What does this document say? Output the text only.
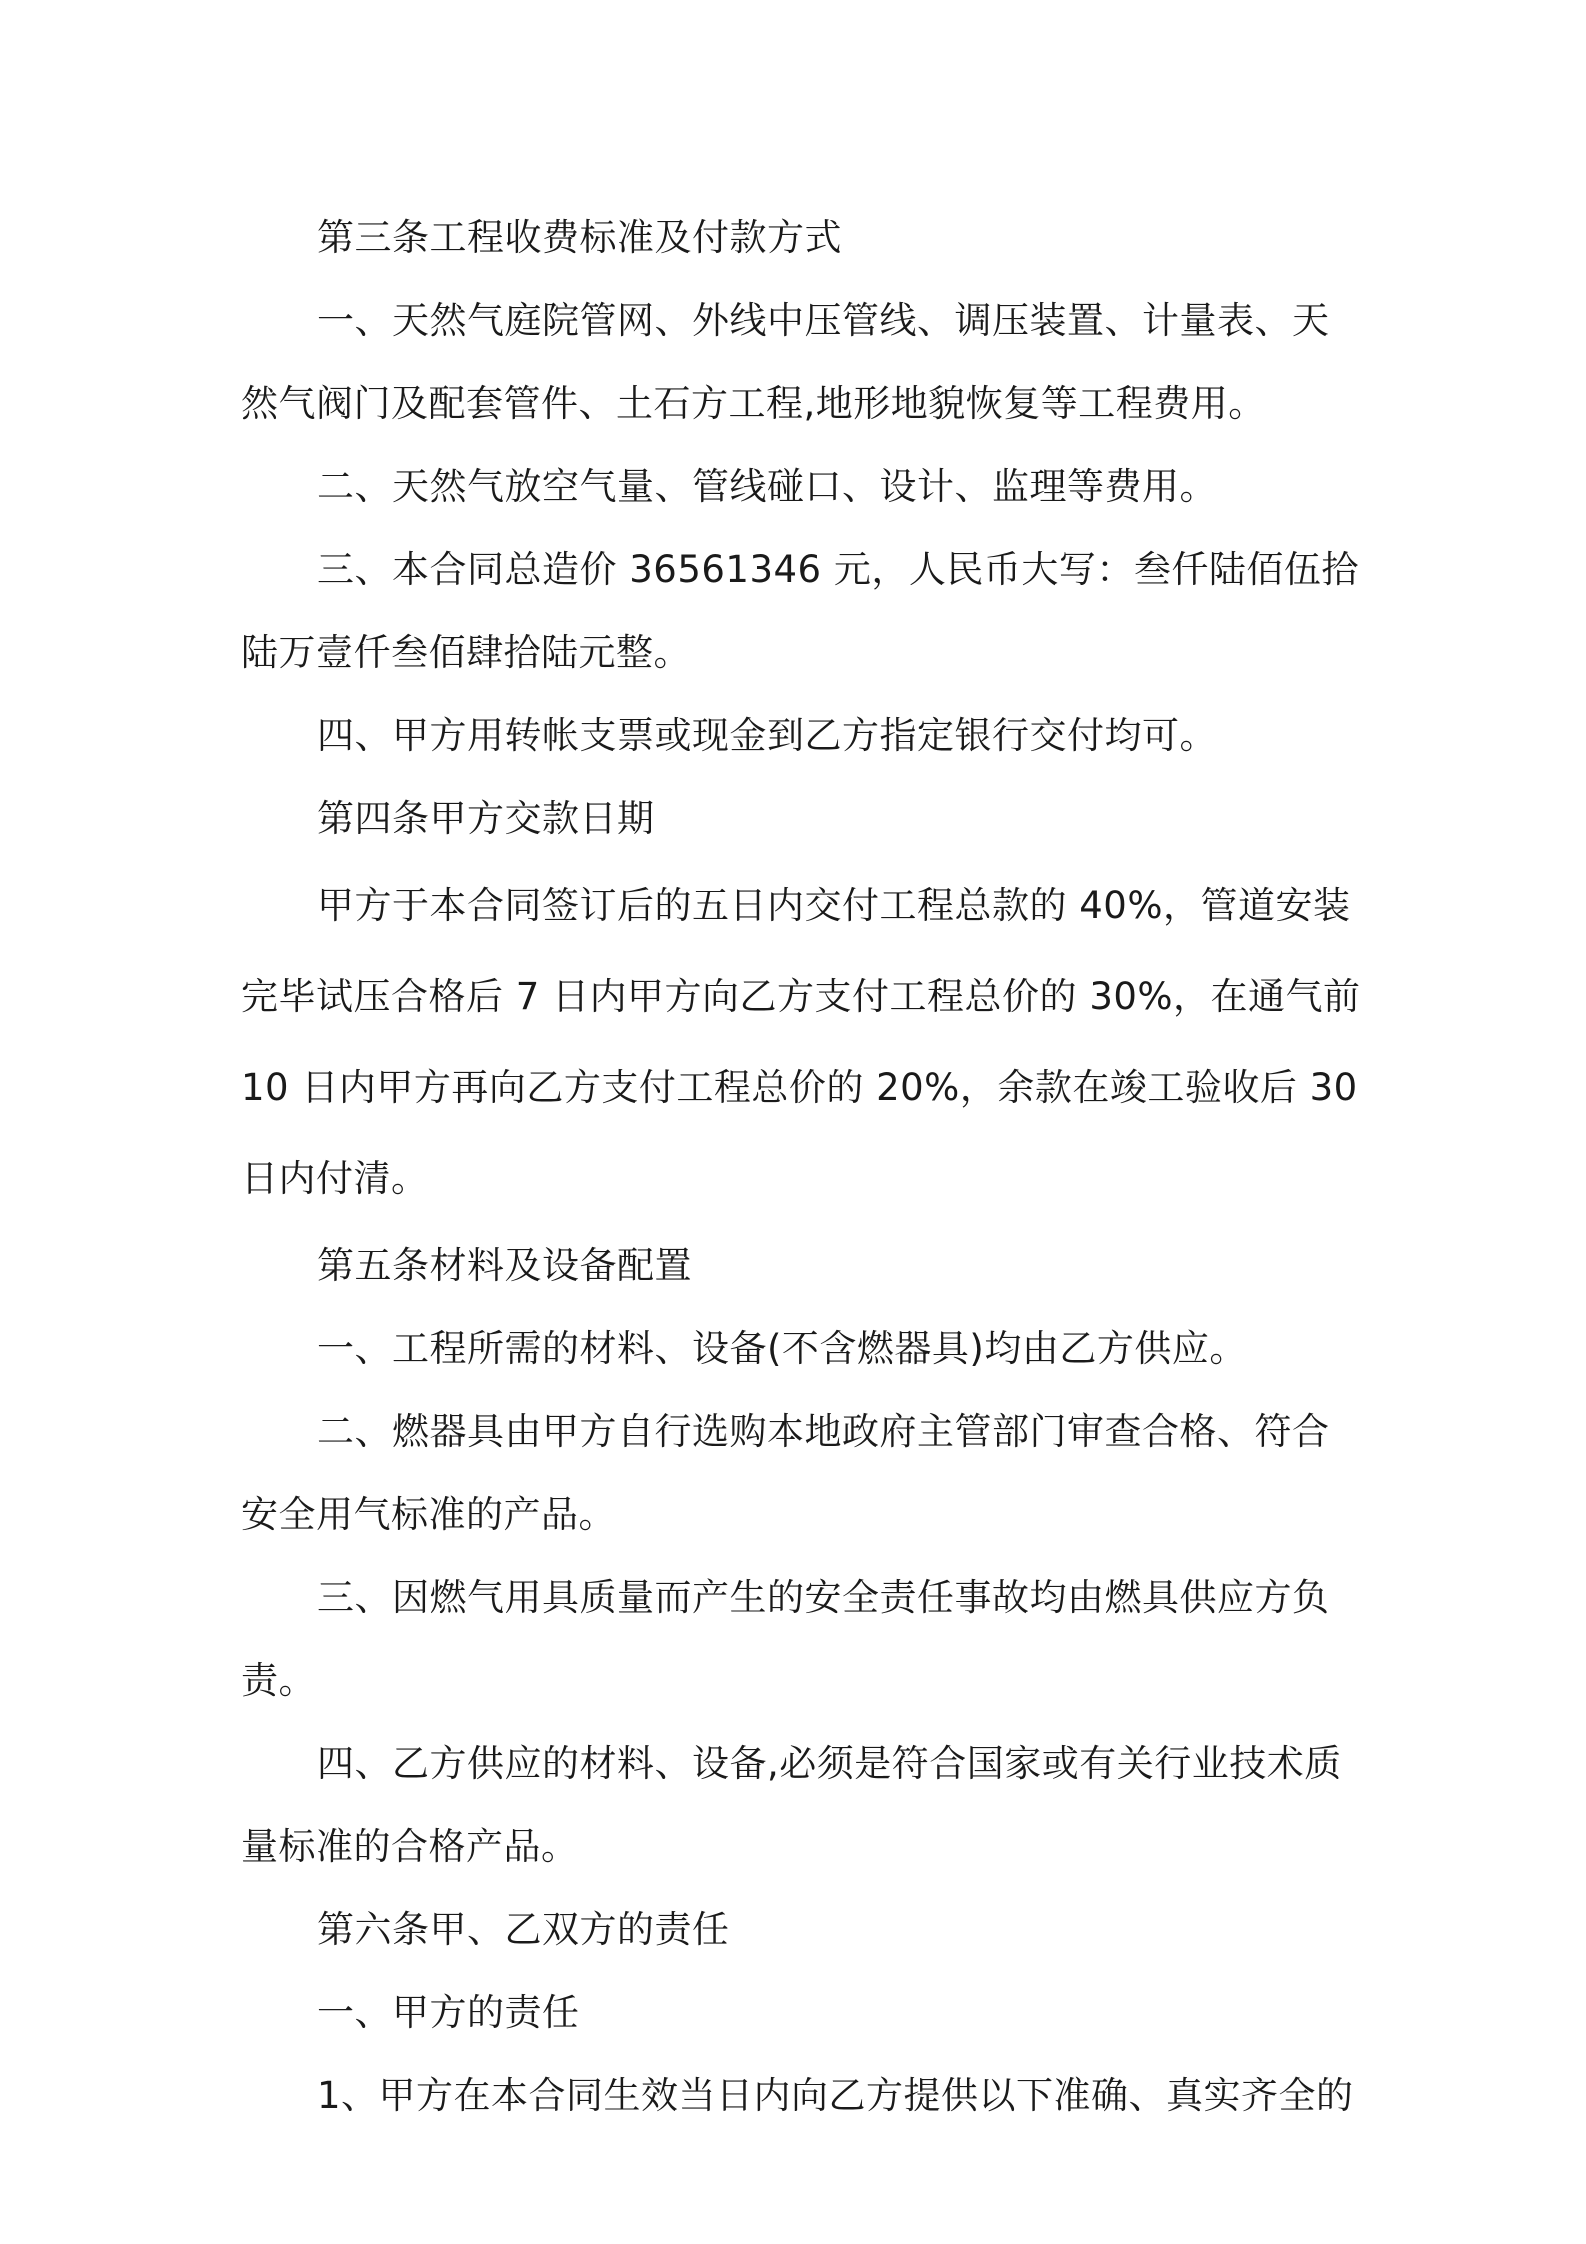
第三条工程收费标准及付款方式

一、天然气庭院管网、外线中压管线、调压装置、计量表、天然气阀门及配套管件、土石方工程,地形地貌恢复等工程费用。

二、天然气放空气量、管线碰口、设计、监理等费用。

三、本合同总造价 36561346 元，人民币大写：叁仟陆佰伍拾陆万壹仟叁佰肆拾陆元整。

四、甲方用转帐支票或现金到乙方指定银行交付均可。

第四条甲方交款日期

甲方于本合同签订后的五日内交付工程总款的 40%，管道安装完毕试压合格后 7 日内甲方向乙方支付工程总价的 30%，在通气前 10 日内甲方再向乙方支付工程总价的 20%，余款在竣工验收后 30 日内付清。

第五条材料及设备配置

一、工程所需的材料、设备(不含燃器具)均由乙方供应。

二、燃器具由甲方自行选购本地政府主管部门审查合格、符合安全用气标准的产品。

三、因燃气用具质量而产生的安全责任事故均由燃具供应方负责。

四、乙方供应的材料、设备,必须是符合国家或有关行业技术质量标准的合格产品。

第六条甲、乙双方的责任

一、甲方的责任

1、甲方在本合同生效当日内向乙方提供以下准确、真实齐全的
